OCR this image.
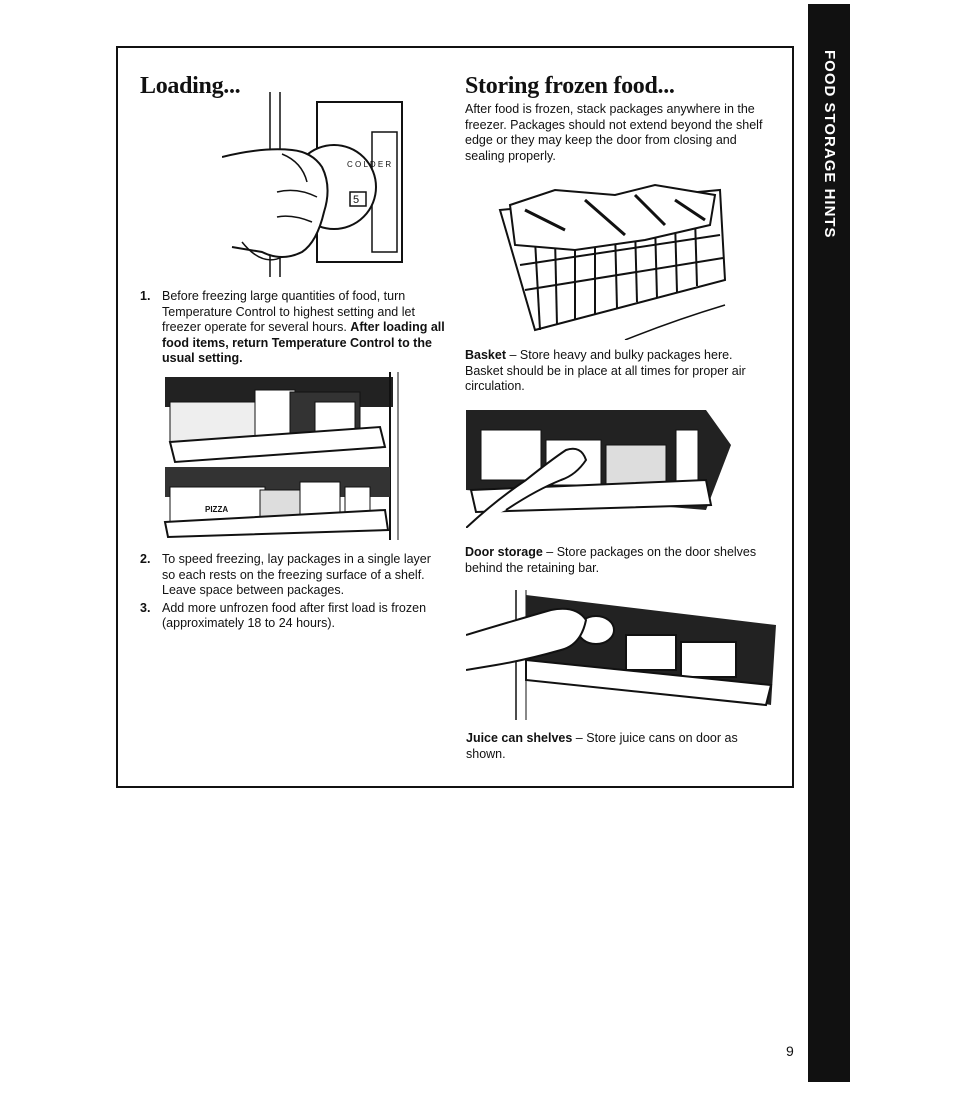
Loading...
C O L D E R
5
1. Before freezing large quantities of food, turn Temperature Control to highest setting and let freezer operate for several hours. After loading all food items, return Temperature Control to the usual setting.
PIZZA
2. To speed freezing, lay packages in a single layer so each rests on the freezing surface of a shelf. Leave space between packages.
3. Add more unfrozen food after first load is frozen (approximately 18 to 24 hours).
Storing frozen food...

After food is frozen, stack packages anywhere in the freezer. Packages should not extend beyond the shelf edge or they may keep the door from closing and sealing properly.

Basket – Store heavy and bulky packages here. Basket should be in place at all times for proper air circulation.

Door storage – Store packages on the door shelves behind the retaining bar.

Juice can shelves – Store juice cans on door as shown.

FOOD STORAGE HINTS
9
